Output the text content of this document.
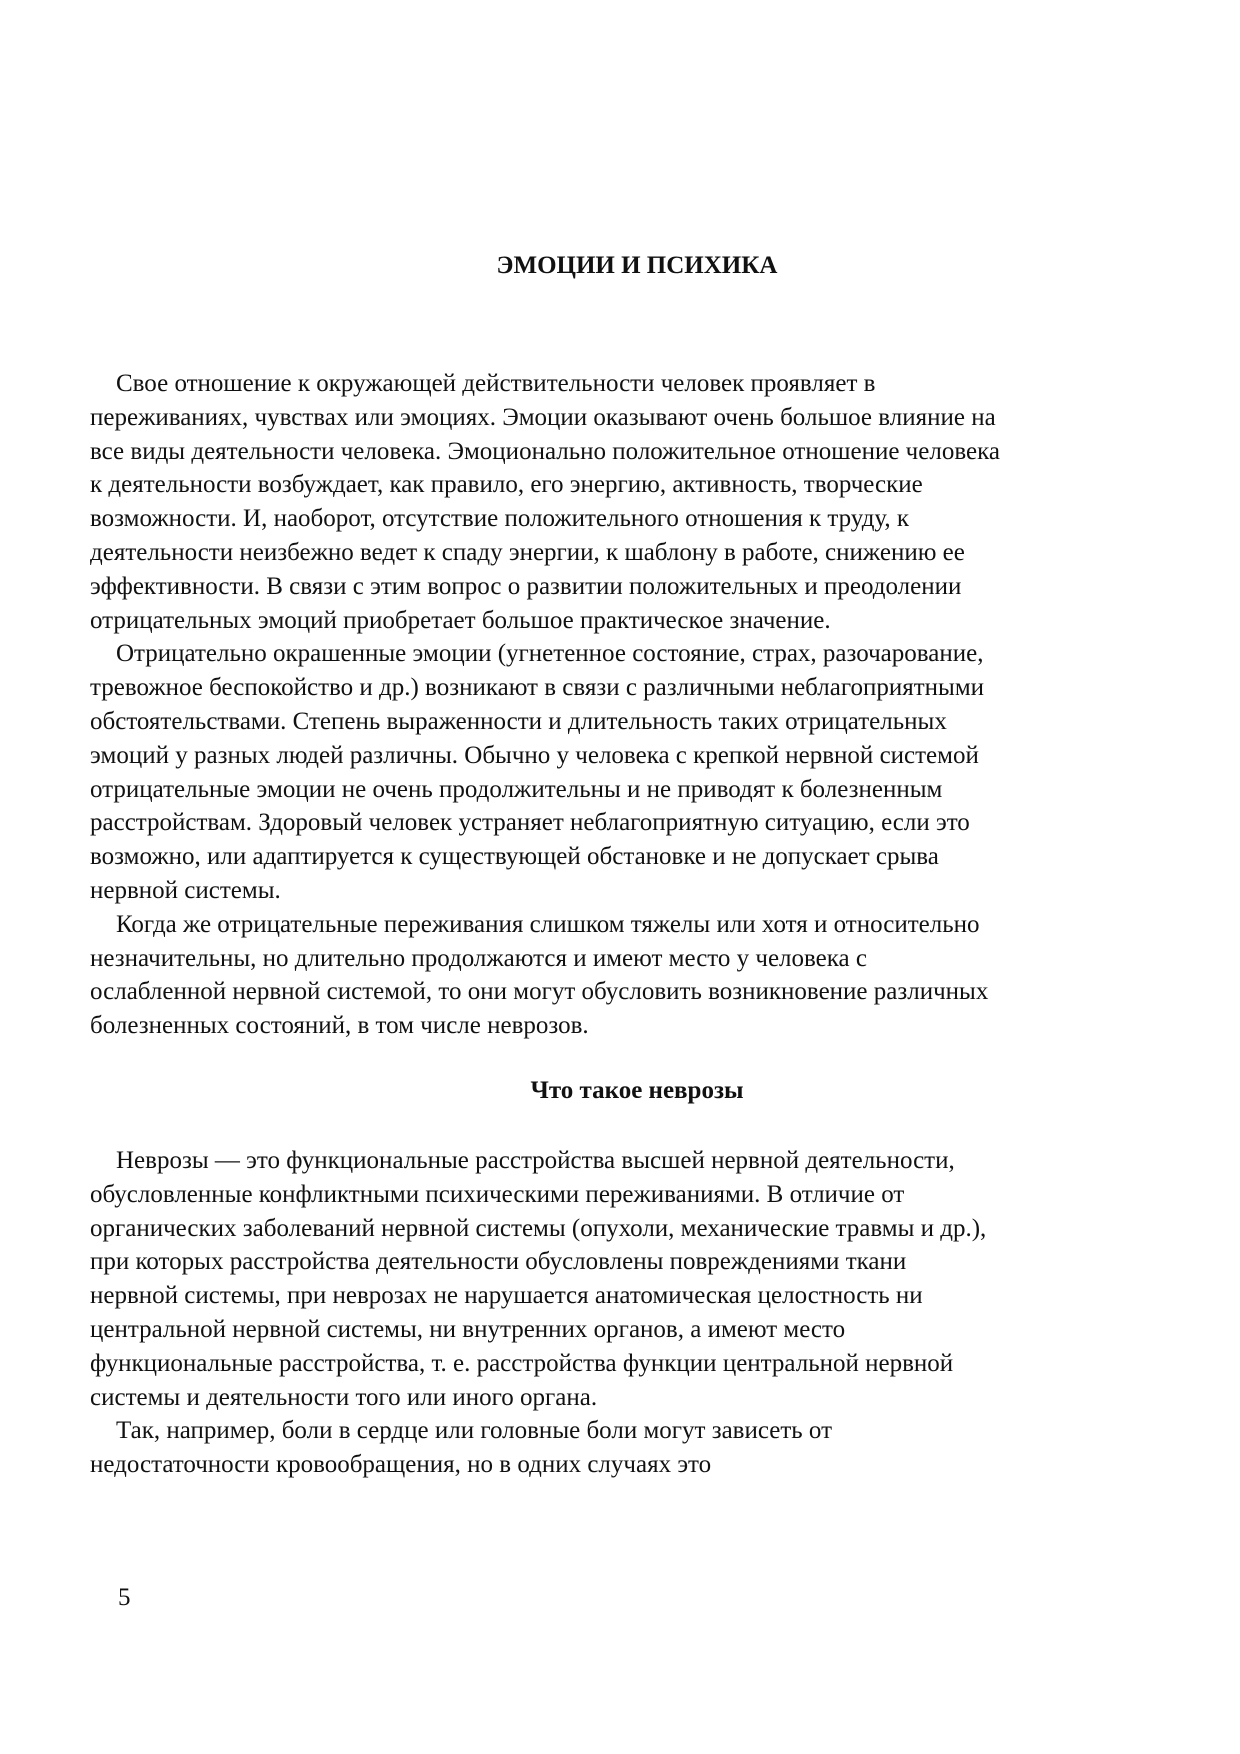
ЭМОЦИИ И ПСИХИКА
Свое отношение к окружающей действительности человек проявляет в
переживаниях, чувствах или эмоциях. Эмоции оказывают очень большое влияние на
все виды деятельности человека. Эмоционально положительное отношение человека
к деятельности возбуждает, как правило, его энергию, активность, творческие
возможности. И, наоборот, отсутствие положительного отношения к труду, к
деятельности неизбежно ведет к спаду энергии, к шаблону в работе, снижению ее
эффективности. В связи с этим вопрос о развитии положительных и преодолении
отрицательных эмоций приобретает большое практическое значение.
Отрицательно окрашенные эмоции (угнетенное состояние, страх, разочарование,
тревожное беспокойство и др.) возникают в связи с различными неблагоприятными
обстоятельствами. Степень выраженности и длительность таких отрицательных
эмоций у разных людей различны. Обычно у человека с крепкой нервной системой
отрицательные эмоции не очень продолжительны и не приводят к болезненным
расстройствам. Здоровый человек устраняет неблагоприятную ситуацию, если это
возможно, или адаптируется к существующей обстановке и не допускает срыва
нервной системы.
Когда же отрицательные переживания слишком тяжелы или хотя и относительно
незначительны, но длительно продолжаются и имеют место у человека с
ослабленной нервной системой, то они могут обусловить возникновение различных
болезненных состояний, в том числе неврозов.
Что такое неврозы
Неврозы — это функциональные расстройства высшей нервной деятельности,
обусловленные конфликтными психическими переживаниями. В отличие от
органических заболеваний нервной системы (опухоли, механические травмы и др.),
при которых расстройства деятельности обусловлены повреждениями ткани
нервной системы, при неврозах не нарушается анатомическая целостность ни
центральной нервной системы, ни внутренних органов, а имеют место
функциональные расстройства, т. е. расстройства функции центральной нервной
системы и деятельности того или иного органа.
Так, например, боли в сердце или головные боли могут зависеть от
недостаточности кровообращения, но в одних случаях это
5
